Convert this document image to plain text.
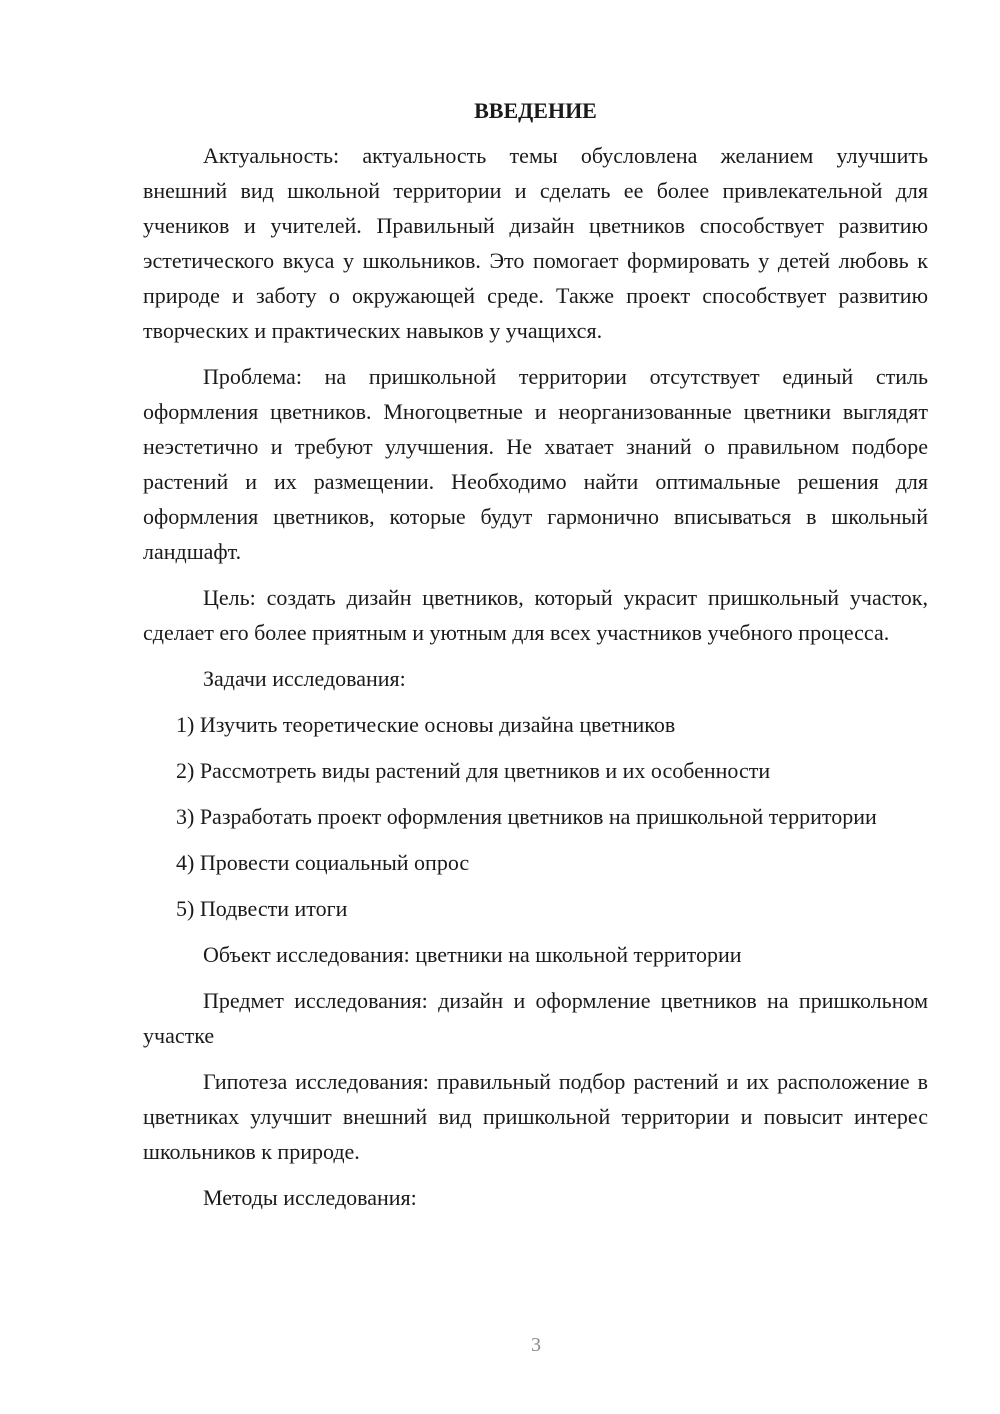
ВВЕДЕНИЕ

Актуальность: актуальность темы обусловлена желанием улучшить внешний вид школьной территории и сделать ее более привлекательной для учеников и учителей. Правильный дизайн цветников способствует развитию эстетического вкуса у школьников. Это помогает формировать у детей любовь к природе и заботу о окружающей среде. Также проект способствует развитию творческих и практических навыков у учащихся.

Проблема: на пришкольной территории отсутствует единый стиль оформления цветников. Многоцветные и неорганизованные цветники выглядят неэстетично и требуют улучшения. Не хватает знаний о правильном подборе растений и их размещении. Необходимо найти оптимальные решения для оформления цветников, которые будут гармонично вписываться в школьный ландшафт.

Цель: создать дизайн цветников, который украсит пришкольный участок, сделает его более приятным и уютным для всех участников учебного процесса.

Задачи исследования:

1) Изучить теоретические основы дизайна цветников

2) Рассмотреть виды растений для цветников и их особенности

3) Разработать проект оформления цветников на пришкольной территории

4) Провести социальный опрос

5) Подвести итоги

Объект исследования: цветники на школьной территории

Предмет исследования: дизайн и оформление цветников на пришкольном участке

Гипотеза исследования: правильный подбор растений и их расположение в цветниках улучшит внешний вид пришкольной территории и повысит интерес школьников к природе.

Методы исследования:

3
